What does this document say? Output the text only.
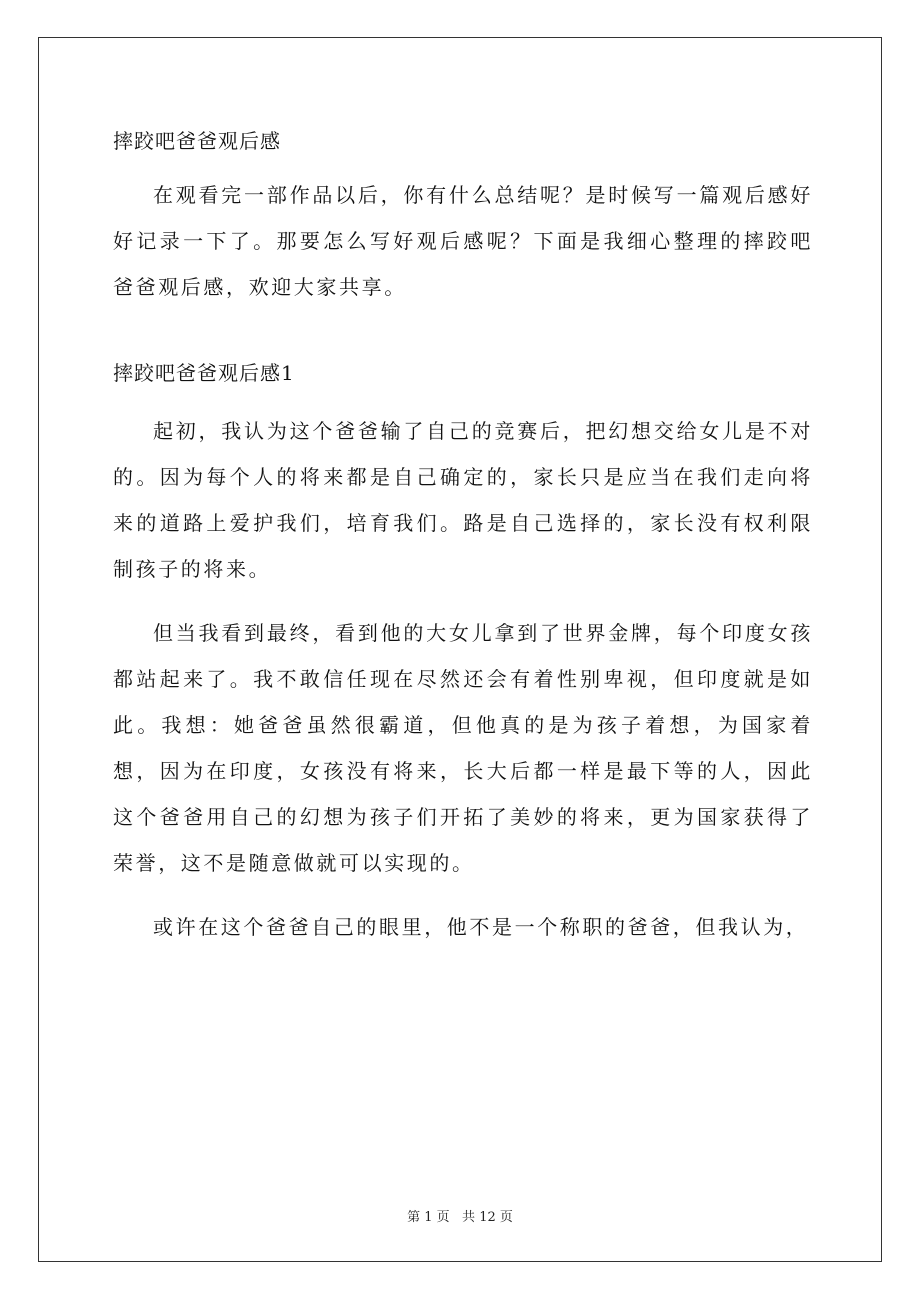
摔跤吧爸爸观后感

在观看完一部作品以后，你有什么总结呢？是时候写一篇观后感好好记录一下了。那要怎么写好观后感呢？下面是我细心整理的摔跤吧爸爸观后感，欢迎大家共享。

摔跤吧爸爸观后感1

起初，我认为这个爸爸输了自己的竞赛后，把幻想交给女儿是不对的。因为每个人的将来都是自己确定的，家长只是应当在我们走向将来的道路上爱护我们，培育我们。路是自己选择的，家长没有权利限制孩子的将来。

但当我看到最终，看到他的大女儿拿到了世界金牌，每个印度女孩都站起来了。我不敢信任现在尽然还会有着性别卑视，但印度就是如此。我想：她爸爸虽然很霸道，但他真的是为孩子着想，为国家着想，因为在印度，女孩没有将来，长大后都一样是最下等的人，因此这个爸爸用自己的幻想为孩子们开拓了美妙的将来，更为国家获得了荣誉，这不是随意做就可以实现的。

或许在这个爸爸自己的眼里，他不是一个称职的爸爸，但我认为，

第 1 页   共 12 页
